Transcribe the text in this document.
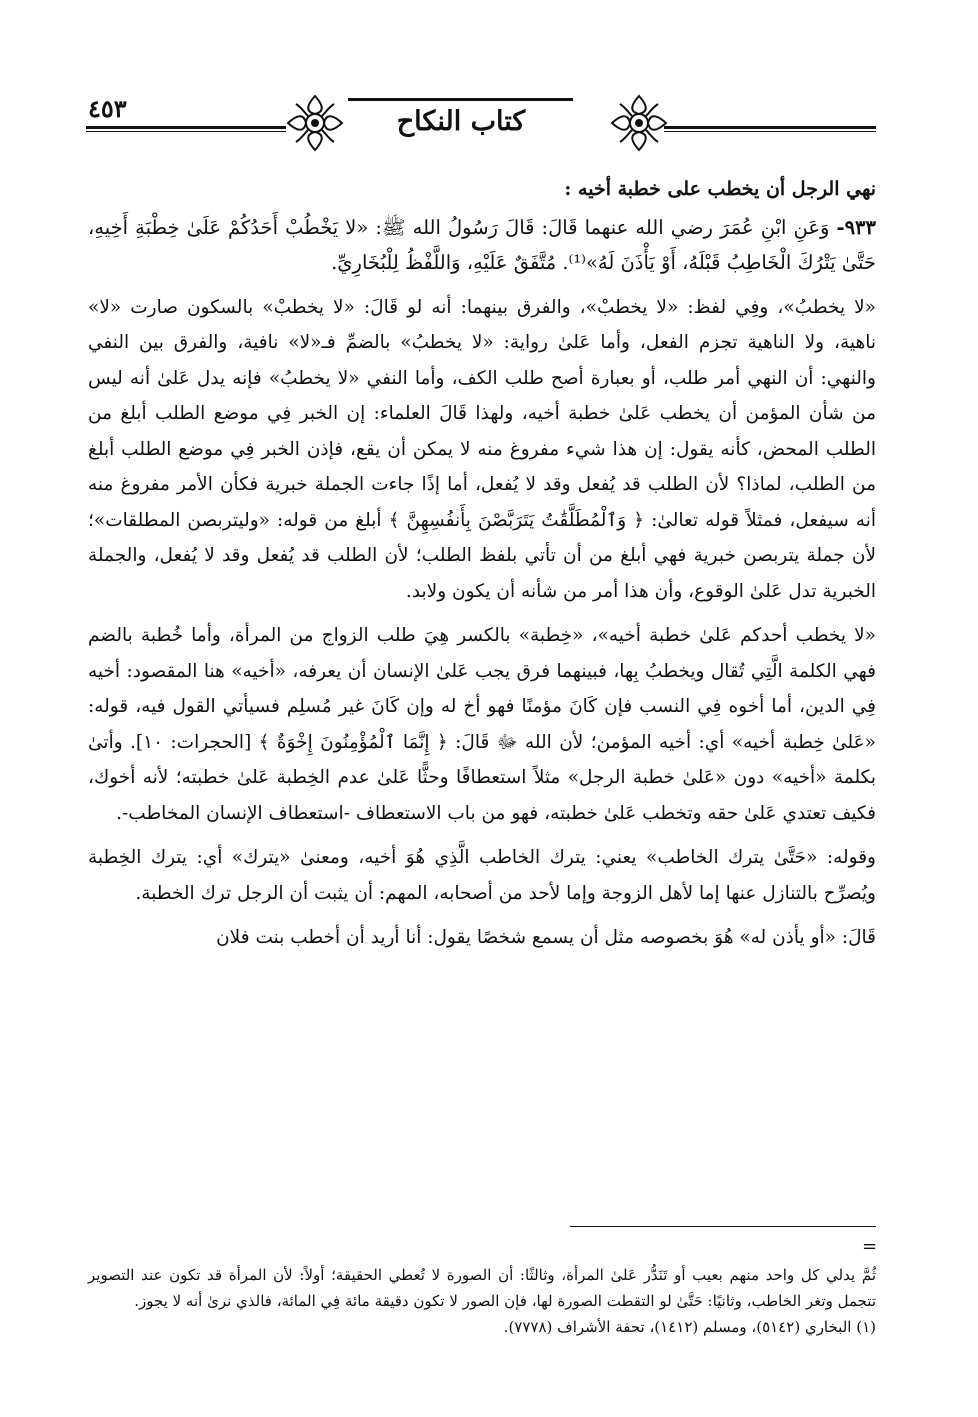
٤٥٣	كتاب النكاح

نهي الرجل أن يخطب على خطبة أخيه :

٩٣٣- وَعَنِ ابْنِ عُمَرَ رضي الله عنهما قَالَ: قَالَ رَسُولُ الله ﷺ: «لا يَخْطُبْ أَحَدُكُمْ عَلَىٰ خِطْبَةِ أَخِيهِ، حَتَّىٰ يَتْرُكَ الْخَاطِبُ قَبْلَهُ، أَوْ يَأْذَنَ لَهُ»⁽¹⁾. مُتَّفَقٌ عَلَيْهِ، وَاللَّفْظُ لِلْبُخَارِيِّ.

«لا يخطبُ»، وفِي لفظ: «لا يخطبْ»، والفرق بينهما: أنه لو قَالَ: «لا يخطبْ» بالسكون صارت «لا» ناهية، ولا الناهية تجزم الفعل، وأما عَلىٰ رواية: «لا يخطبُ» بالضمِّ فـ«لا» نافية، والفرق بين النفي والنهي: أن النهي أمر طلب، أو بعبارة أصح طلب الكف، وأما النفي «لا يخطبُ» فإنه يدل عَلىٰ أنه ليس من شأن المؤمن أن يخطب عَلىٰ خطبة أخيه، ولهذا قَالَ العلماء: إن الخبر فِي موضع الطلب أبلغ من الطلب المحض، كأنه يقول: إن هذا شيء مفروغ منه لا يمكن أن يقع، فإذن الخبر فِي موضع الطلب أبلغ من الطلب، لماذا؟ لأن الطلب قد يُفعل وقد لا يُفعل، أما إذًا جاءت الجملة خبرية فكأن الأمر مفروغ منه أنه سيفعل، فمثلاً قوله تعالىٰ: ﴿ وَٱلْمُطَلَّقَٰتُ يَتَرَبَّصْنَ بِأَنفُسِهِنَّ ﴾ أبلغ من قوله: «وليتربصن المطلقات»؛ لأن جملة يتربصن خبرية فهي أبلغ من أن تأتي بلفظ الطلب؛ لأن الطلب قد يُفعل وقد لا يُفعل، والجملة الخبرية تدل عَلىٰ الوقوع، وأن هذا أمر من شأنه أن يكون ولابد.

«لا يخطب أحدكم عَلىٰ خطبة أخيه»، «خِطبة» بالكسر هِيَ طلب الزواج من المرأة، وأما خُطبة بالضم فهي الكلمة الَّتِي تُقال ويخطبُ بِها، فبينهما فرق يجب عَلىٰ الإنسان أن يعرفه، «أخيه» هنا المقصود: أخيه فِي الدين، أما أخوه فِي النسب فإن كَانَ مؤمنًا فهو أخ له وإن كَانَ غير مُسلِم فسيأتي القول فيه، قوله: «عَلىٰ خِطبة أخيه» أي: أخيه المؤمن؛ لأن الله ﷻ قَالَ: ﴿ إِنَّمَا ٱلْمُؤْمِنُونَ إِخْوَةٌ ﴾ [الحجرات: ١٠]. وأتىٰ بكلمة «أخيه» دون «عَلىٰ خطبة الرجل» مثلاً استعطافًا وحثًّا عَلىٰ عدم الخِطبة عَلىٰ خطبته؛ لأنه أخوك، فكيف تعتدي عَلىٰ حقه وتخطب عَلىٰ خطبته، فهو من باب الاستعطاف -استعطاف الإنسان المخاطب-.

وقوله: «حَتَّىٰ يترك الخاطب» يعني: يترك الخاطب الَّذِي هُوَ أخيه، ومعنىٰ «يترك» أي: يترك الخِطبة ويُصرِّح بالتنازل عنها إما لأهل الزوجة وإما لأحد من أصحابه، المهم: أن يثبت أن الرجل ترك الخطبة.

قَالَ: «أو يأذن له» هُوَ بخصوصه مثل أن يسمع شخصًا يقول: أنا أريد أن أخطب بنت فلان

=

ثُمَّ يدلي كل واحد منهم بعيب أو تَنَدُّر عَلىٰ المرأة، وثالثًا: أن الصورة لا تُعطي الحقيقة؛ أولاً: لأن المرأة قد تكون عند التصوير تتجمل وتغر الخاطب، وثانيًا: حَتَّىٰ لو التقطت الصورة لها، فإن الصور لا تكون دقيقة مائة فِي المائة، فالذي نرىٰ أنه لا يجوز.

(١) البخاري (٥١٤٢)، ومسلم (١٤١٢)، تحفة الأشراف (٧٧٧٨).
